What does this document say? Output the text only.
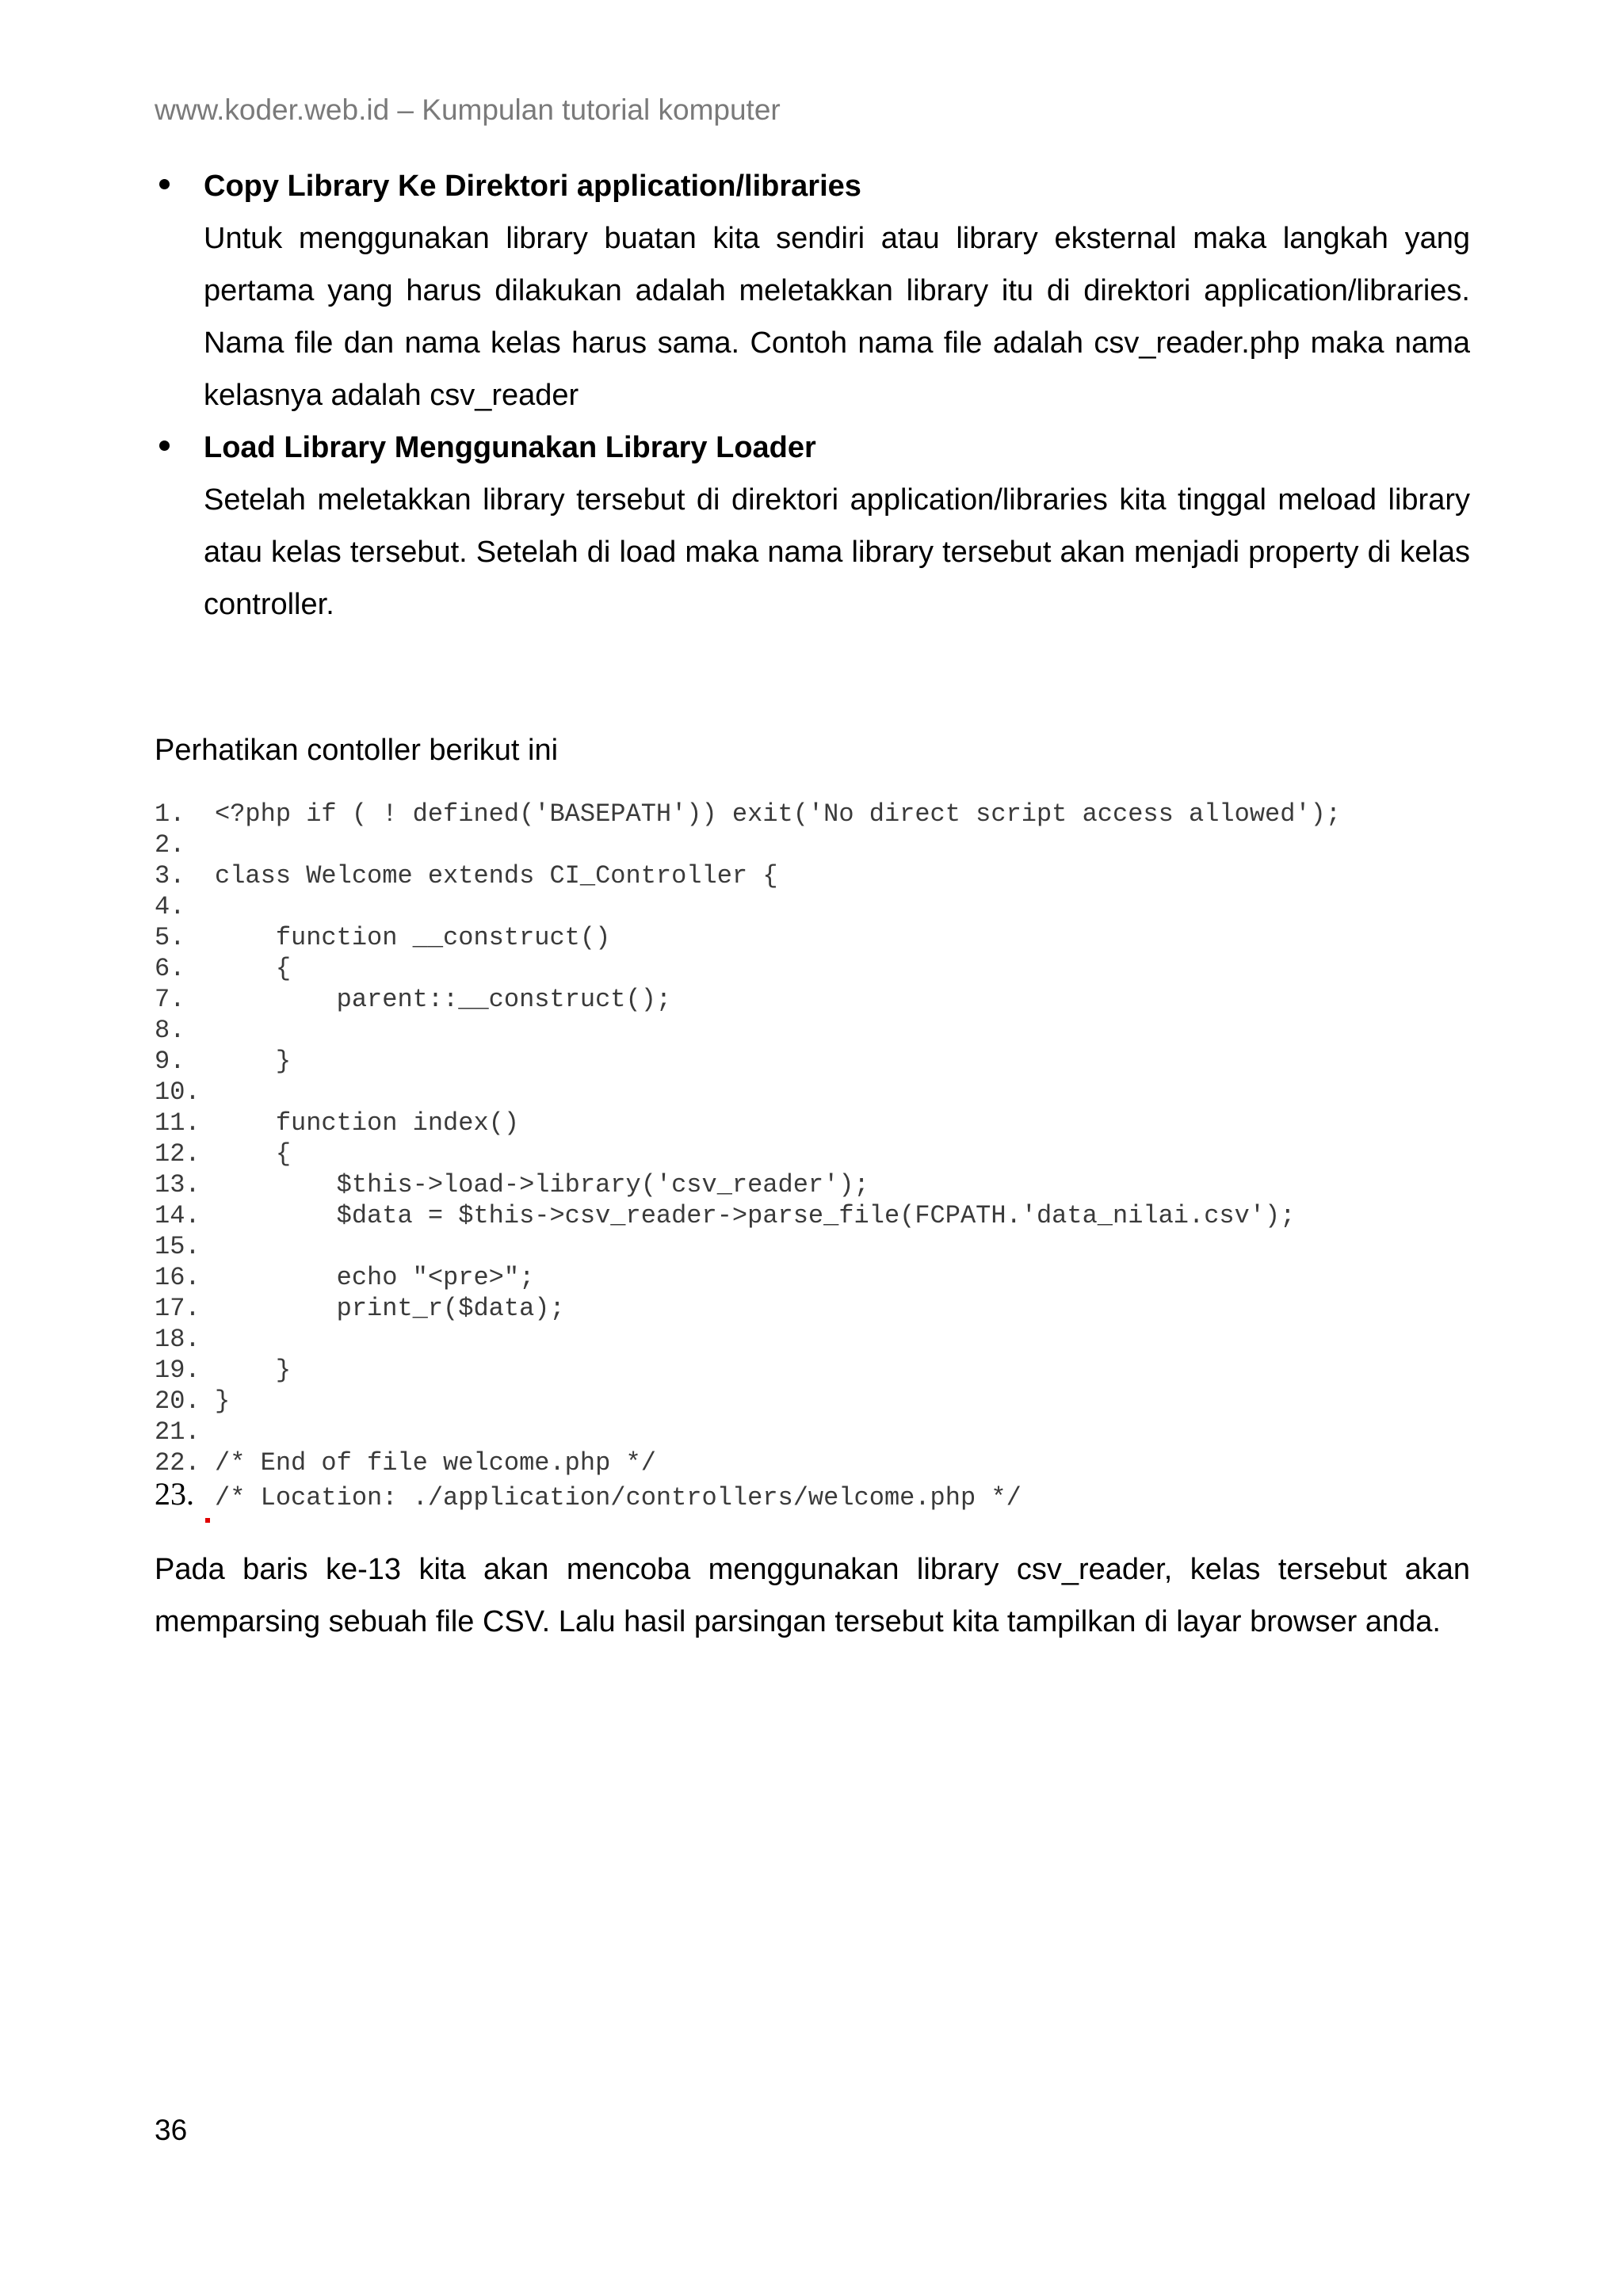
www.koder.web.id – Kumpulan tutorial komputer
Copy Library Ke Direktori application/libraries
Untuk menggunakan library buatan kita sendiri atau library eksternal maka langkah yang pertama yang harus dilakukan adalah meletakkan library itu di direktori application/libraries. Nama file dan nama kelas harus sama. Contoh nama file adalah csv_reader.php maka nama kelasnya adalah csv_reader
Load Library Menggunakan Library Loader
Setelah meletakkan library tersebut di direktori application/libraries kita tinggal meload library atau kelas tersebut. Setelah di load maka nama library tersebut akan menjadi property di kelas controller.
Perhatikan contoller berikut ini
1. <?php if ( ! defined('BASEPATH')) exit('No direct script access allowed');
2.
3. class Welcome extends CI_Controller {
4.
5.    function __construct()
6.    {
7.        parent::__construct();
8.
9.    }
10.
11.    function index()
12.    {
13.        $this->load->library('csv_reader');
14.        $data = $this->csv_reader->parse_file(FCPATH.'data_nilai.csv');
15.
16.        echo "<pre>";
17.        print_r($data);
18.
19.    }
20. }
21.
22. /* End of file welcome.php */
23. /* Location: ./application/controllers/welcome.php */
Pada baris ke-13 kita akan mencoba menggunakan library csv_reader, kelas tersebut akan memparsing sebuah file CSV. Lalu hasil parsingan tersebut kita tampilkan di layar browser anda.
36
